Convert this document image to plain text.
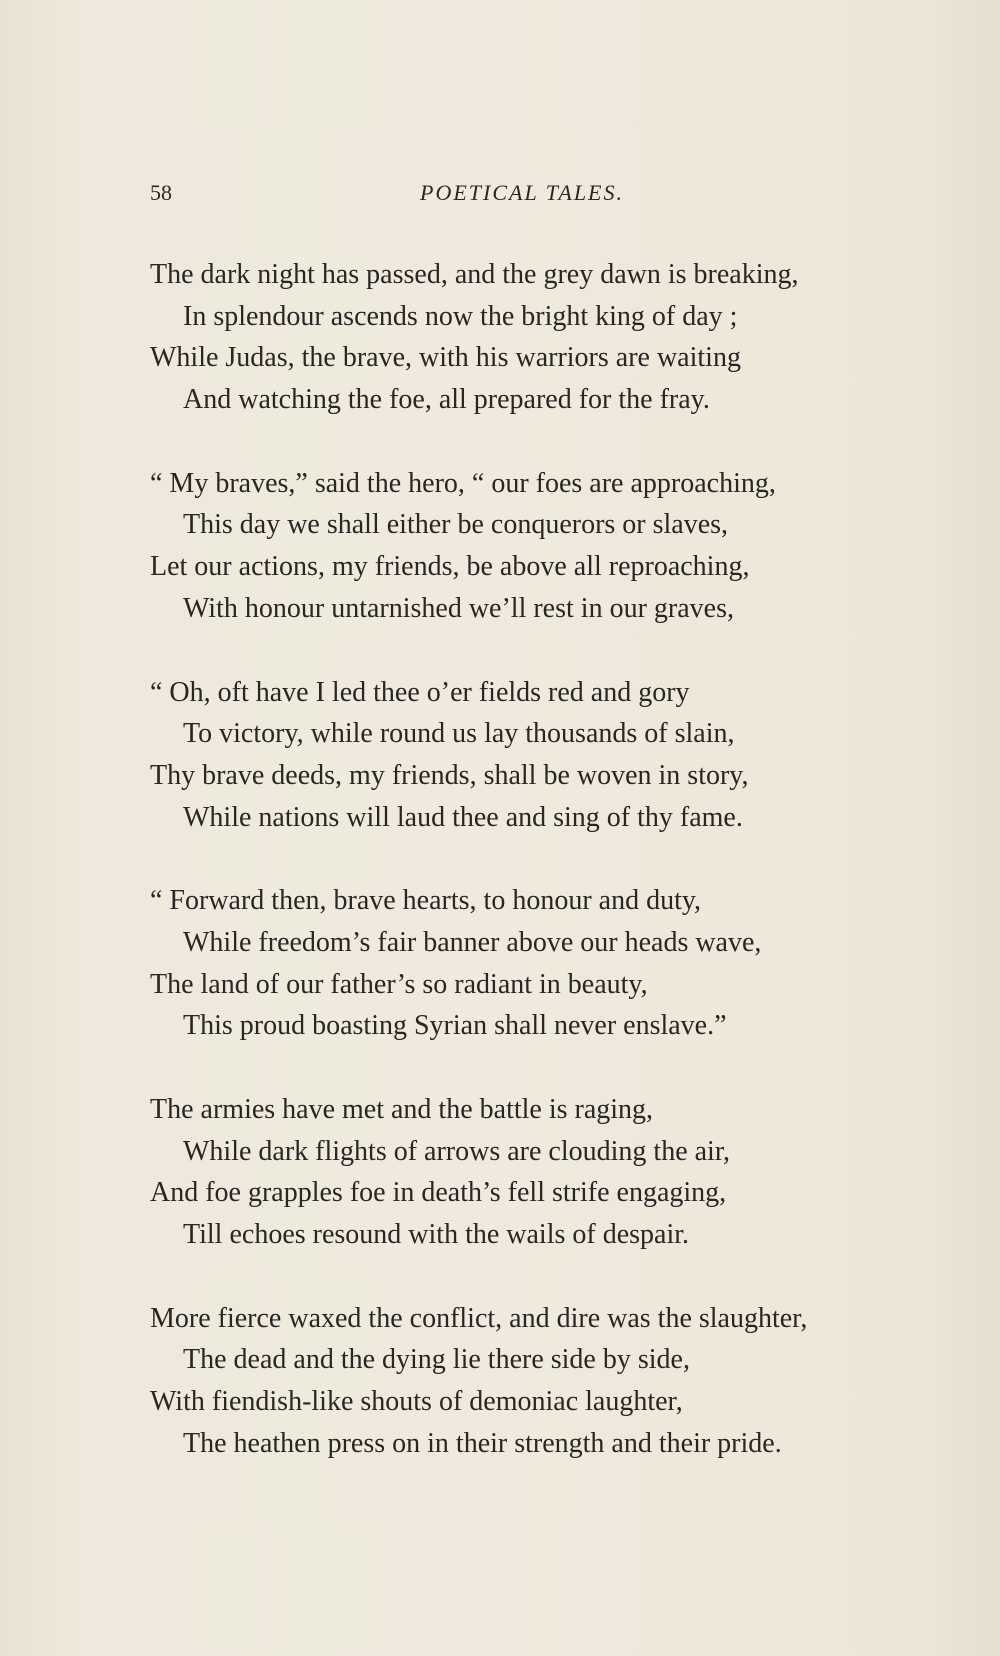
58	POETICAL TALES.
The dark night has passed, and the grey dawn is breaking,
In splendour ascends now the bright king of day ;
While Judas, the brave, with his warriors are waiting
And watching the foe, all prepared for the fray.
“ My braves,” said the hero, “ our foes are approaching,
This day we shall either be conquerors or slaves,
Let our actions, my friends, be above all reproaching,
With honour untarnished we’ll rest in our graves,
“ Oh, oft have I led thee o’er fields red and gory
To victory, while round us lay thousands of slain,
Thy brave deeds, my friends, shall be woven in story,
While nations will laud thee and sing of thy fame.
“ Forward then, brave hearts, to honour and duty,
While freedom’s fair banner above our heads wave,
The land of our father’s so radiant in beauty,
This proud boasting Syrian shall never enslave.”
The armies have met and the battle is raging,
While dark flights of arrows are clouding the air,
And foe grapples foe in death’s fell strife engaging,
Till echoes resound with the wails of despair.
More fierce waxed the conflict, and dire was the slaughter,
The dead and the dying lie there side by side,
With fiendish-like shouts of demoniac laughter,
The heathen press on in their strength and their pride.
